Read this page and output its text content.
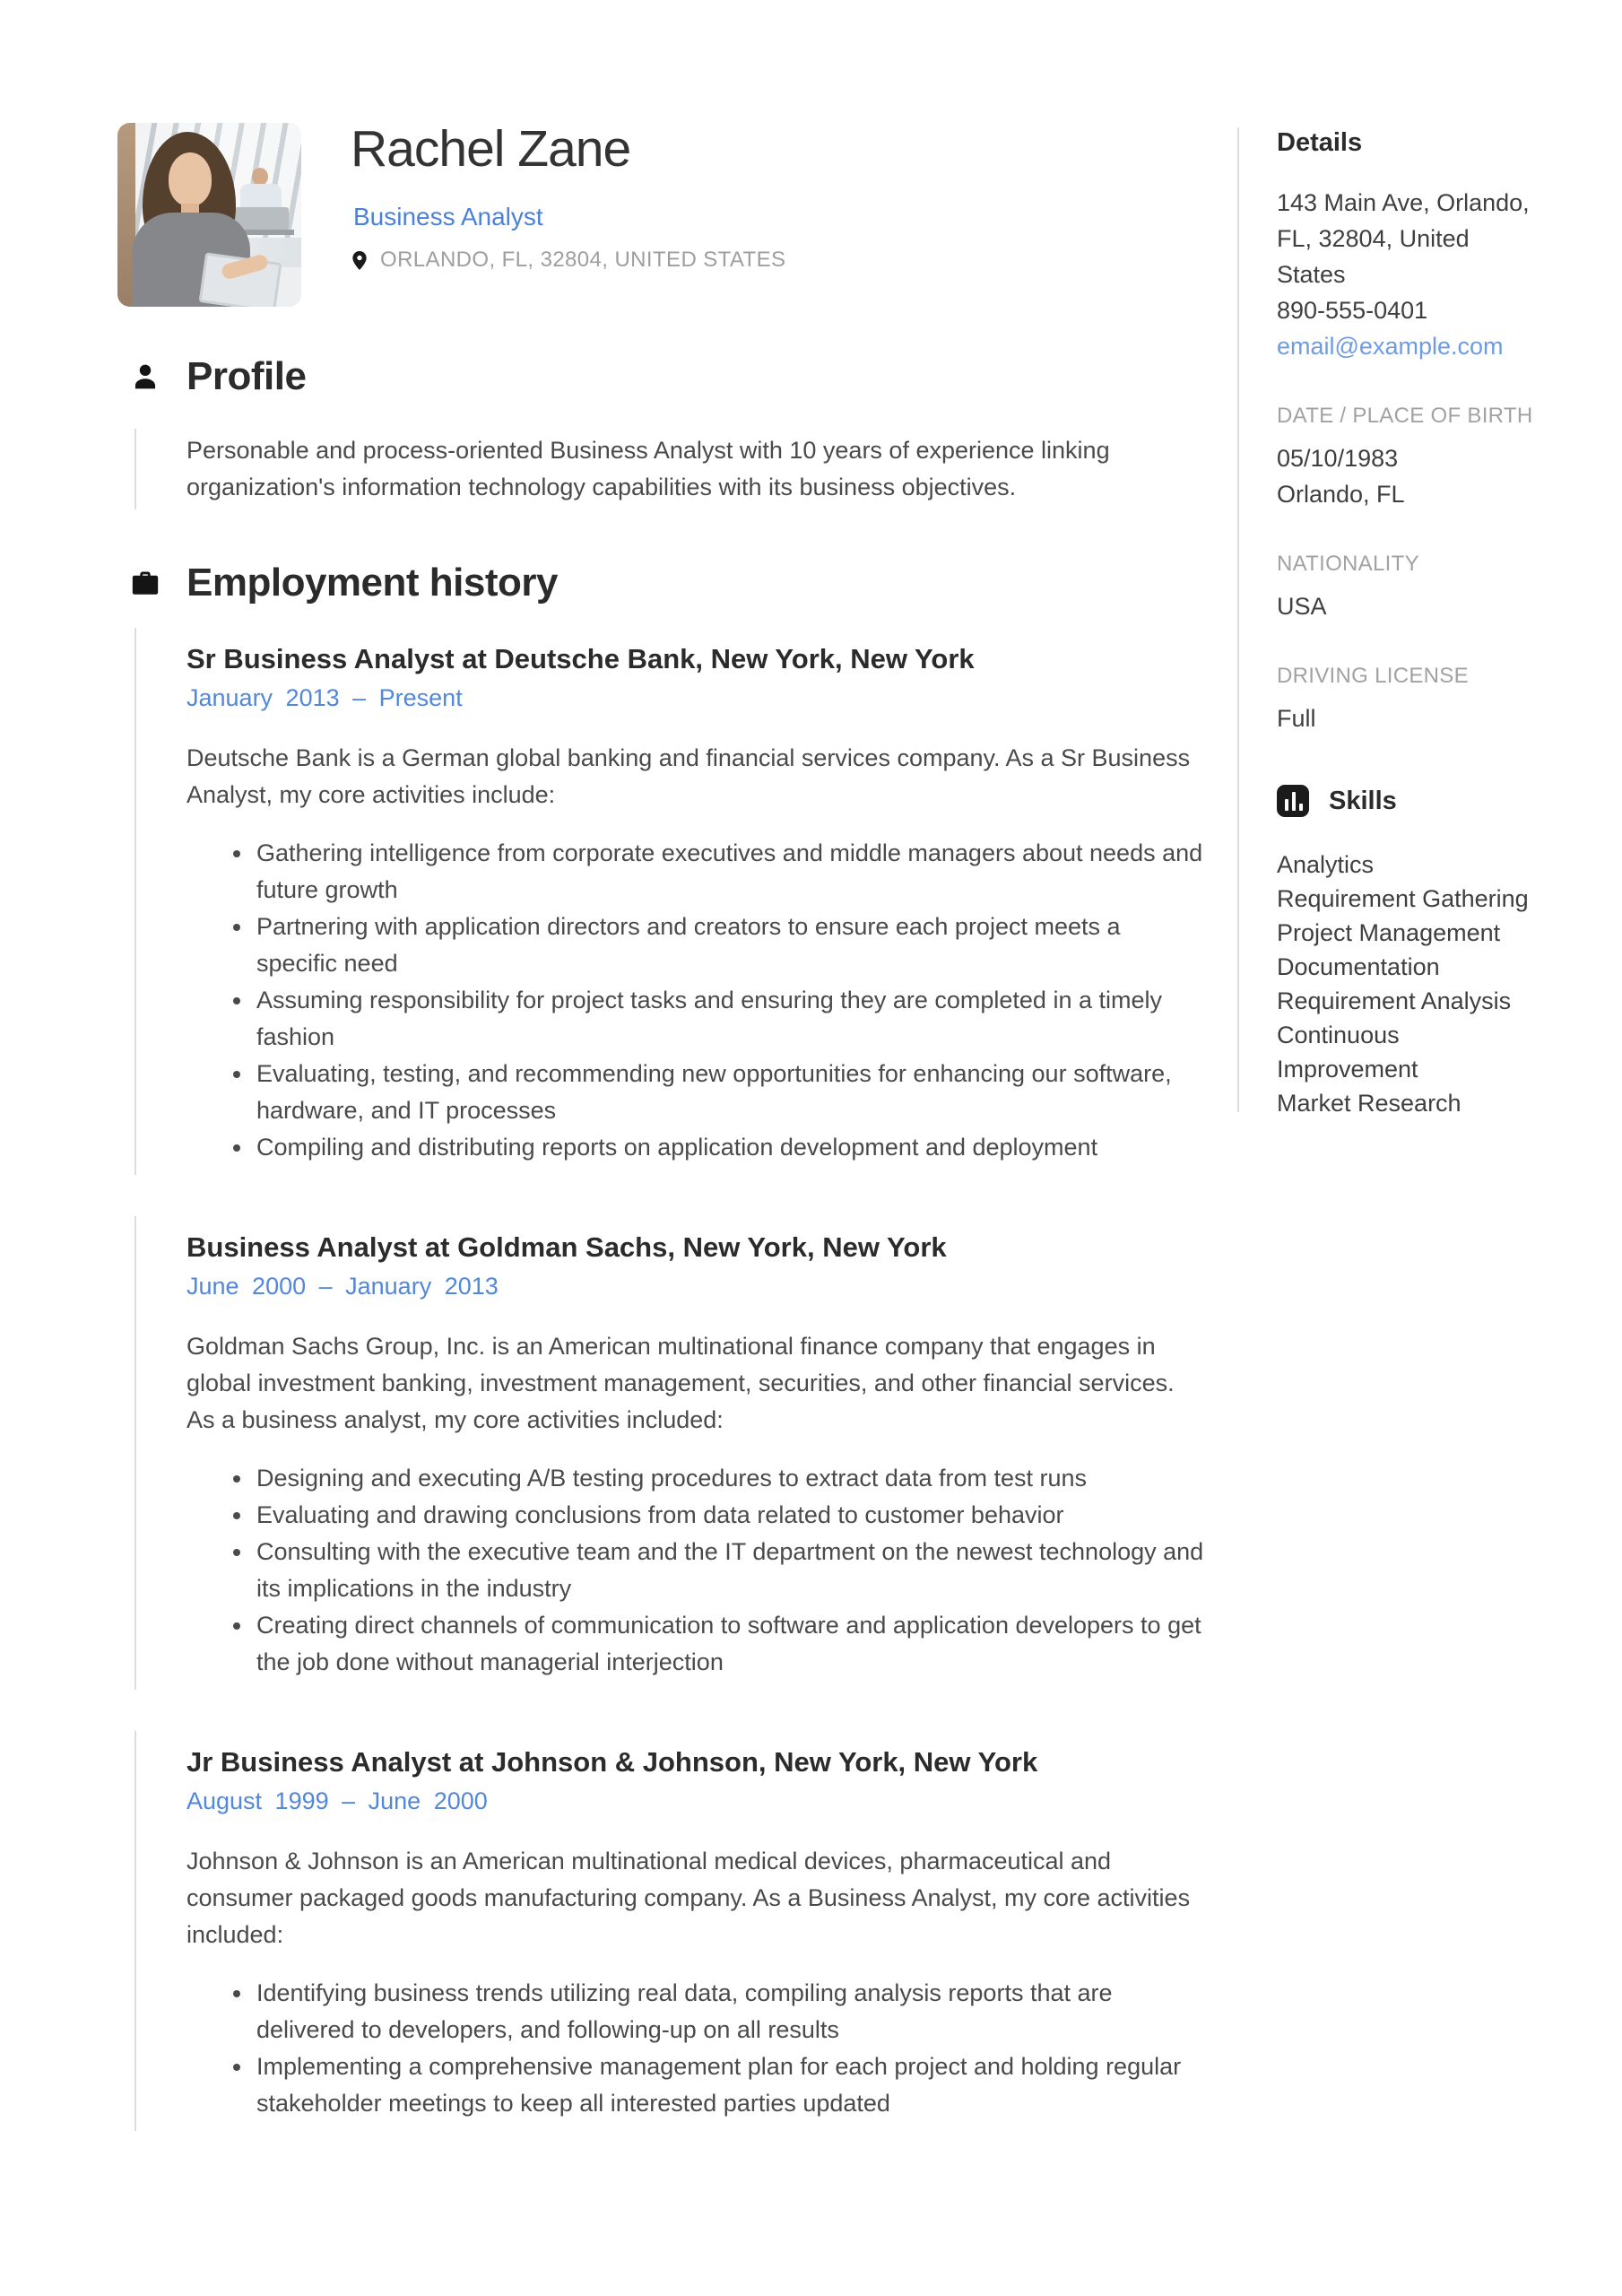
Rachel Zane
Business Analyst
ORLANDO, FL, 32804, UNITED STATES
Profile
Personable and process-oriented Business Analyst with 10 years of experience linking organization's information technology capabilities with its business objectives.
Employment history
Sr Business Analyst at Deutsche Bank, New York, New York
January 2013 – Present
Deutsche Bank is a German global banking and financial services company. As a Sr Business Analyst, my core activities include:
Gathering intelligence from corporate executives and middle managers about needs and future growth
Partnering with application directors and creators to ensure each project meets a specific need
Assuming responsibility for project tasks and ensuring they are completed in a timely fashion
Evaluating, testing, and recommending new opportunities for enhancing our software, hardware, and IT processes
Compiling and distributing reports on application development and deployment
Business Analyst at Goldman Sachs, New York, New York
June 2000 – January 2013
Goldman Sachs Group, Inc. is an American multinational finance company that engages in global investment banking, investment management, securities, and other financial services. As a business analyst, my core activities included:
Designing and executing A/B testing procedures to extract data from test runs
Evaluating and drawing conclusions from data related to customer behavior
Consulting with the executive team and the IT department on the newest technology and its implications in the industry
Creating direct channels of communication to software and application developers to get the job done without managerial interjection
Jr Business Analyst at Johnson & Johnson, New York, New York
August 1999 – June 2000
Johnson & Johnson is an American multinational medical devices, pharmaceutical and consumer packaged goods manufacturing company. As a Business Analyst, my core activities included:
Identifying business trends utilizing real data, compiling analysis reports that are delivered to developers, and following-up on all results
Implementing a comprehensive management plan for each project and holding regular stakeholder meetings to keep all interested parties updated
Details
143 Main Ave, Orlando, FL, 32804, United States
890-555-0401
email@example.com
DATE / PLACE OF BIRTH
05/10/1983
Orlando, FL
NATIONALITY
USA
DRIVING LICENSE
Full
Skills
Analytics
Requirement Gathering
Project Management
Documentation
Requirement Analysis
Continuous Improvement
Market Research
